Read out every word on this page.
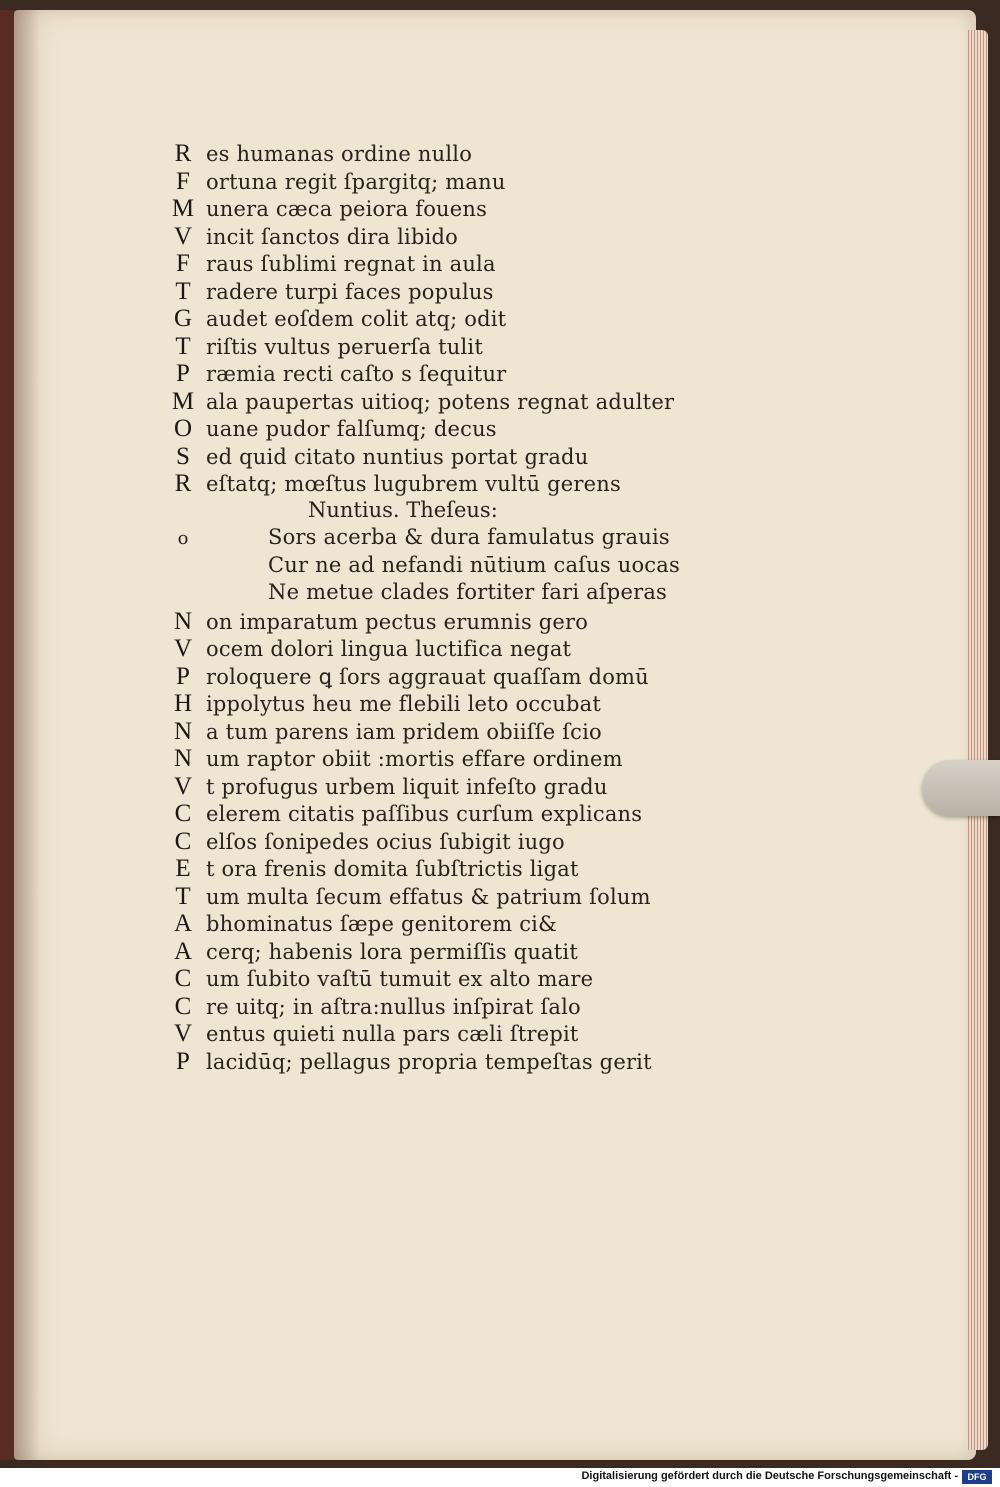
R es humanas ordine nullo
F ortuna regit ſpargitq; manu
M unera cæca peiora fouens
V incit ſanctos dira libido
F raus ſublimi regnat in aula
T radere turpi faces populus
G audet eoſdem colit atq; odit
T riſtis vultus peruerſa tulit
P ræmia recti caſto s ſequitur
M ala paupertas uitioq; potens regnat adulter
O uane pudor falſumq; decus
S ed quid citato nuntius portat gradu
R eſtatq; mœſtus lugubrem vultū gerens
Nuntius. Theſeus:
o	Sors acerba & dura famulatus grauis
Cur ne ad nefandi nūtium caſus uocas
Ne metue clades fortiter fari aſperas
N on imparatum pectus erumnis gero
V ocem dolori lingua luctifica negat
P roloquere ꝗ ſors aggrauat quaſſam domū
H ippolytus heu me flebili leto occubat
N a tum parens iam pridem obiiſſe ſcio
N um raptor obiit :mortis effare ordinem
V t profugus urbem liquit infeſto gradu
C elerem citatis paſſibus curſum explicans
C elſos ſonipedes ocius ſubigit iugo
E t ora frenis domita ſubſtrictis ligat
T um multa ſecum effatus & patrium ſolum
A bhominatus ſæpe genitorem ci&
A cerq; habenis lora permiſſis quatit
C um ſubito vaſtū tumuit ex alto mare
C re uitq; in aſtra:nullus inſpirat ſalo
V entus quieti nulla pars cæli ſtrepit
P lacidūq; pellagus propria tempeſtas gerit
Digitalisierung gefördert durch die Deutsche Forschungsgemeinschaft -	DFG
